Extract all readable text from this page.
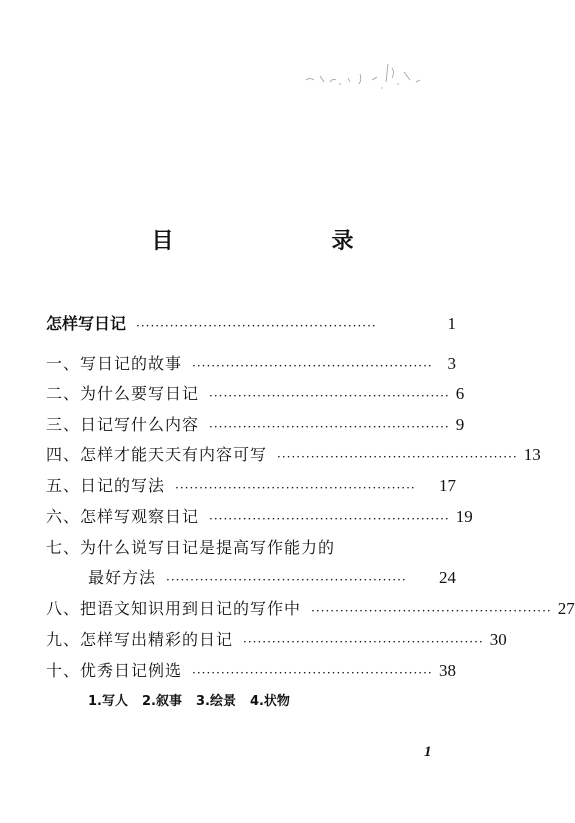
目　　录
怎样写日记 ··················································	1
一、写日记的故事 ·················································· 3
二、为什么要写日记 ·················································· 6
三、日记写什么内容 ·················································· 9
四、怎样才能天天有内容可写 ·················································· 13
五、日记的写法 ··················································	17
六、怎样写观察日记 ·················································· 19
七、为什么说写日记是提高写作能力的
最好方法 ··················································	24
八、把语文知识用到日记的写作中 ·················································· 27
九、怎样写出精彩的日记 ·················································· 30
十、优秀日记例选 ·················································· 38
1.写人 2.叙事 3.绘景 4.状物
1
